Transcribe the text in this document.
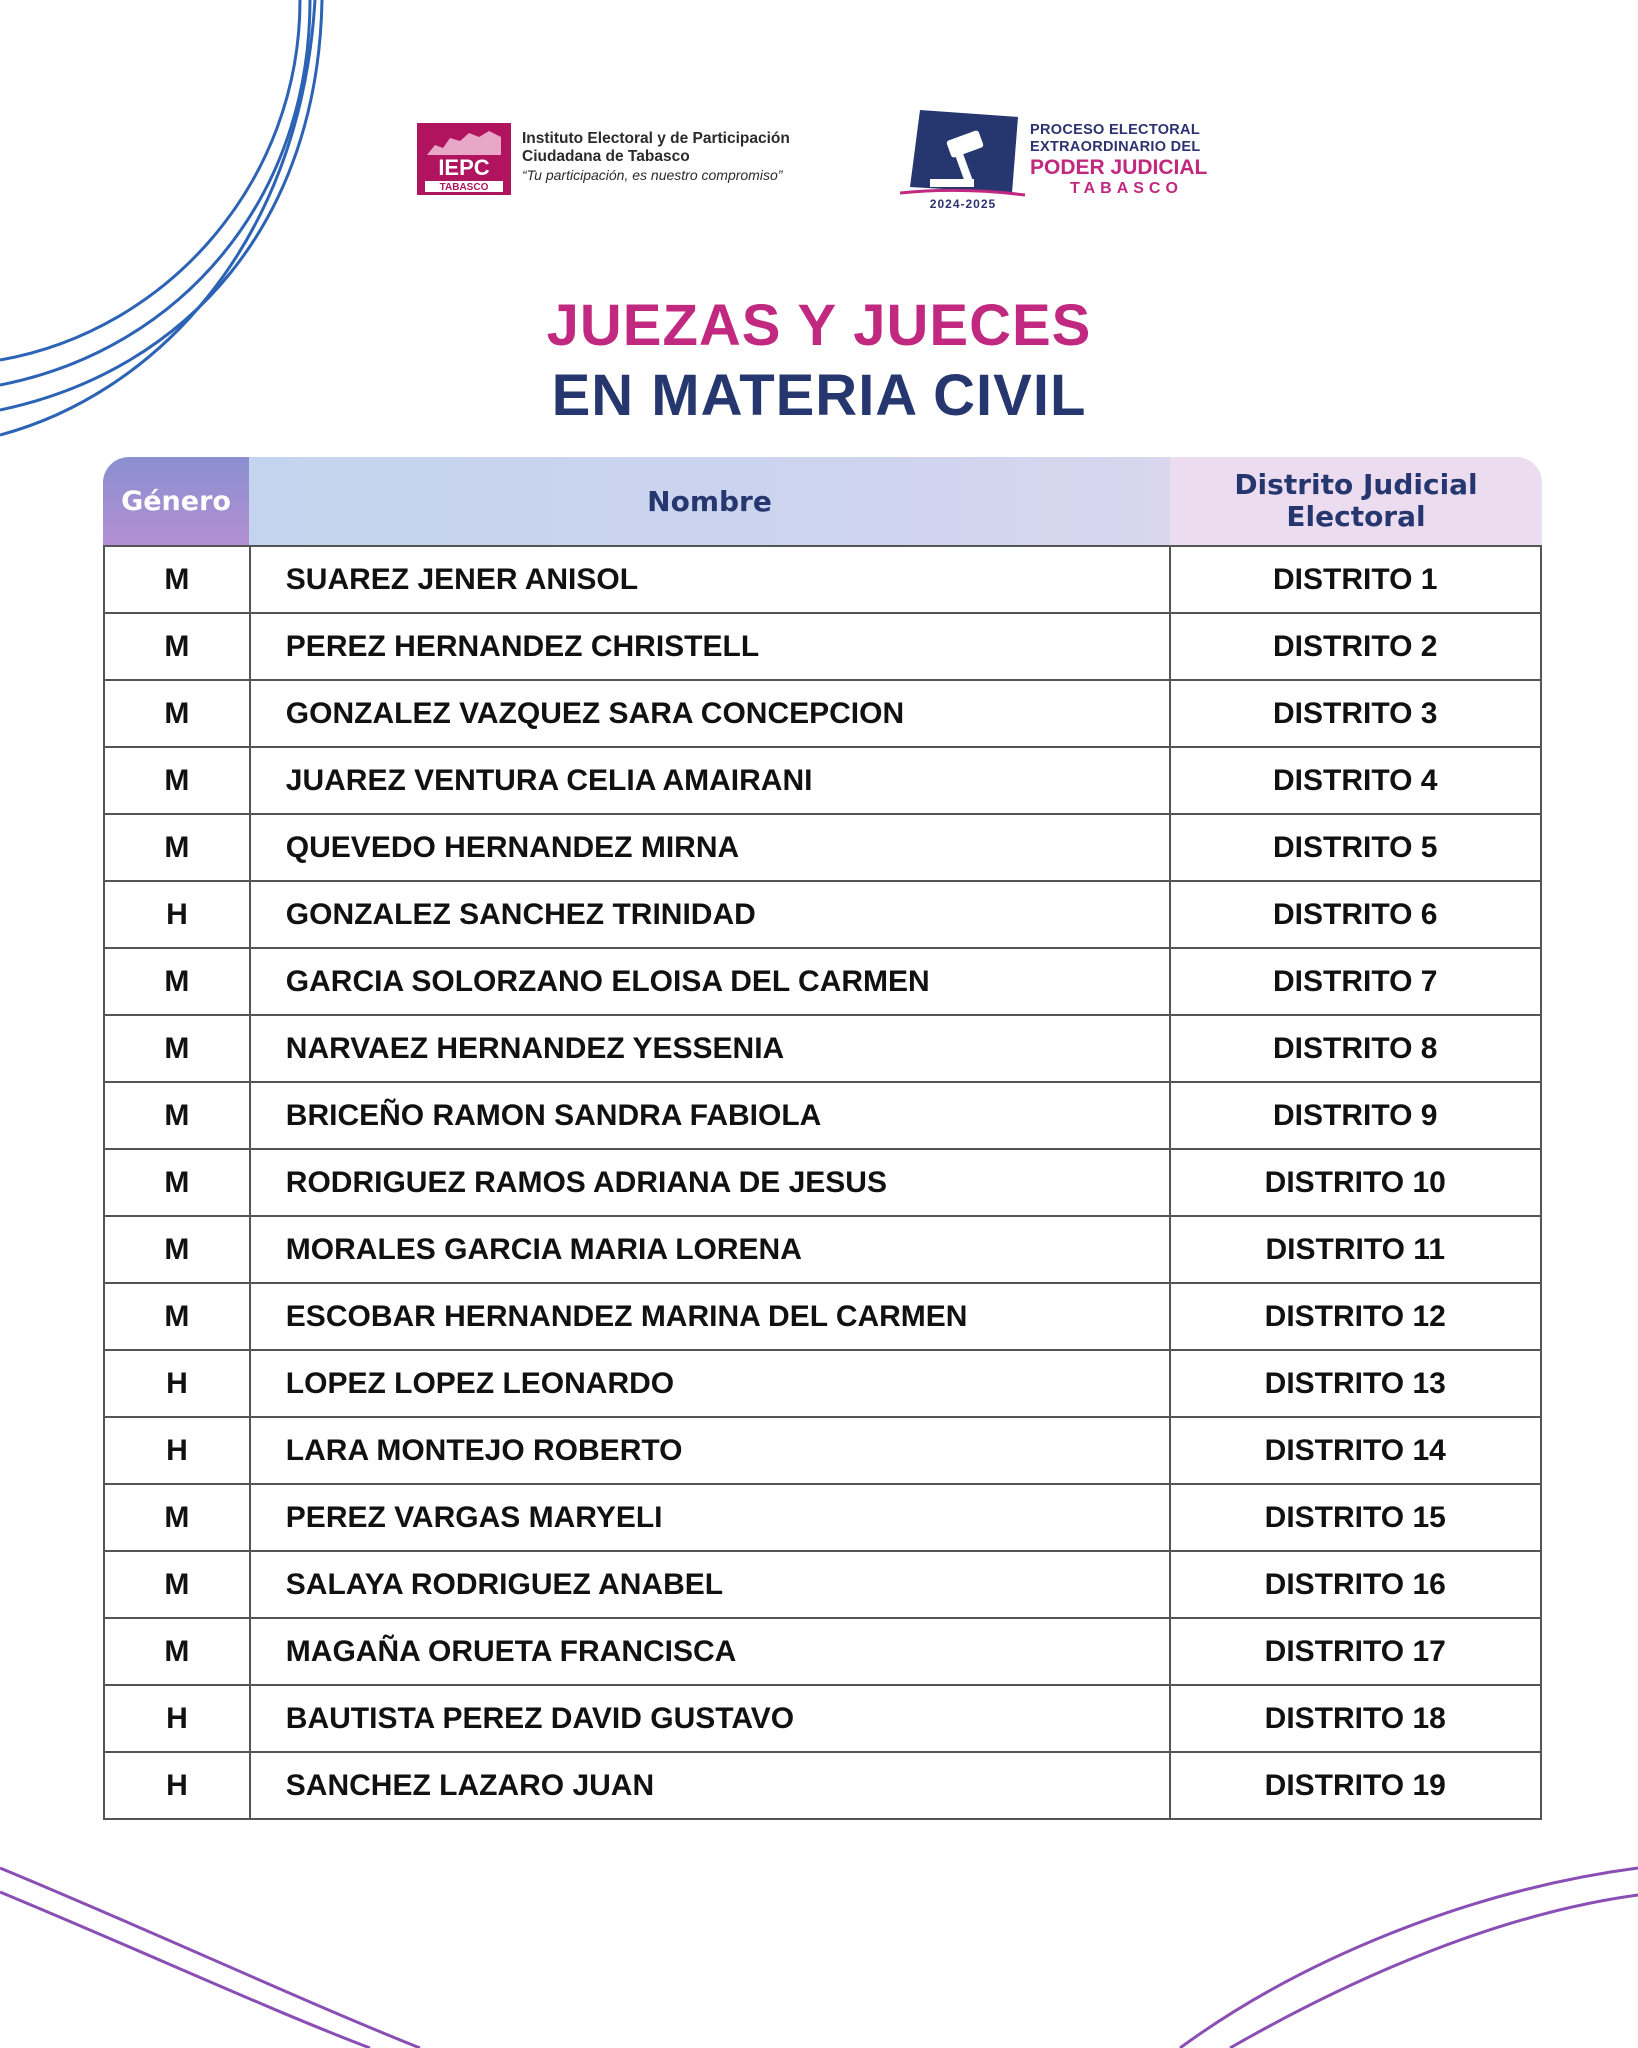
IEPC
TABASCO
Instituto Electoral y de Participación
Ciudadana de Tabasco
“Tu participación, es nuestro compromiso”
2024-2025
PROCESO ELECTORAL
EXTRAORDINARIO DEL
PODER JUDICIAL
TABASCO
JUEZAS Y JUECES
EN MATERIA CIVIL
Género	Nombre	Distrito Judicial
Electoral
M	SUAREZ JENER ANISOL	DISTRITO 1
M	PEREZ HERNANDEZ CHRISTELL	DISTRITO 2
M	GONZALEZ VAZQUEZ SARA CONCEPCION	DISTRITO 3
M	JUAREZ VENTURA CELIA AMAIRANI	DISTRITO 4
M	QUEVEDO HERNANDEZ MIRNA	DISTRITO 5
H	GONZALEZ SANCHEZ TRINIDAD	DISTRITO 6
M	GARCIA SOLORZANO ELOISA DEL CARMEN	DISTRITO 7
M	NARVAEZ HERNANDEZ YESSENIA	DISTRITO 8
M	BRICEÑO RAMON SANDRA FABIOLA	DISTRITO 9
M	RODRIGUEZ RAMOS ADRIANA DE JESUS	DISTRITO 10
M	MORALES GARCIA MARIA LORENA	DISTRITO 11
M	ESCOBAR HERNANDEZ MARINA DEL CARMEN	DISTRITO 12
H	LOPEZ LOPEZ LEONARDO	DISTRITO 13
H	LARA MONTEJO ROBERTO	DISTRITO 14
M	PEREZ VARGAS MARYELI	DISTRITO 15
M	SALAYA RODRIGUEZ ANABEL	DISTRITO 16
M	MAGAÑA ORUETA FRANCISCA	DISTRITO 17
H	BAUTISTA PEREZ DAVID GUSTAVO	DISTRITO 18
H	SANCHEZ LAZARO JUAN	DISTRITO 19
